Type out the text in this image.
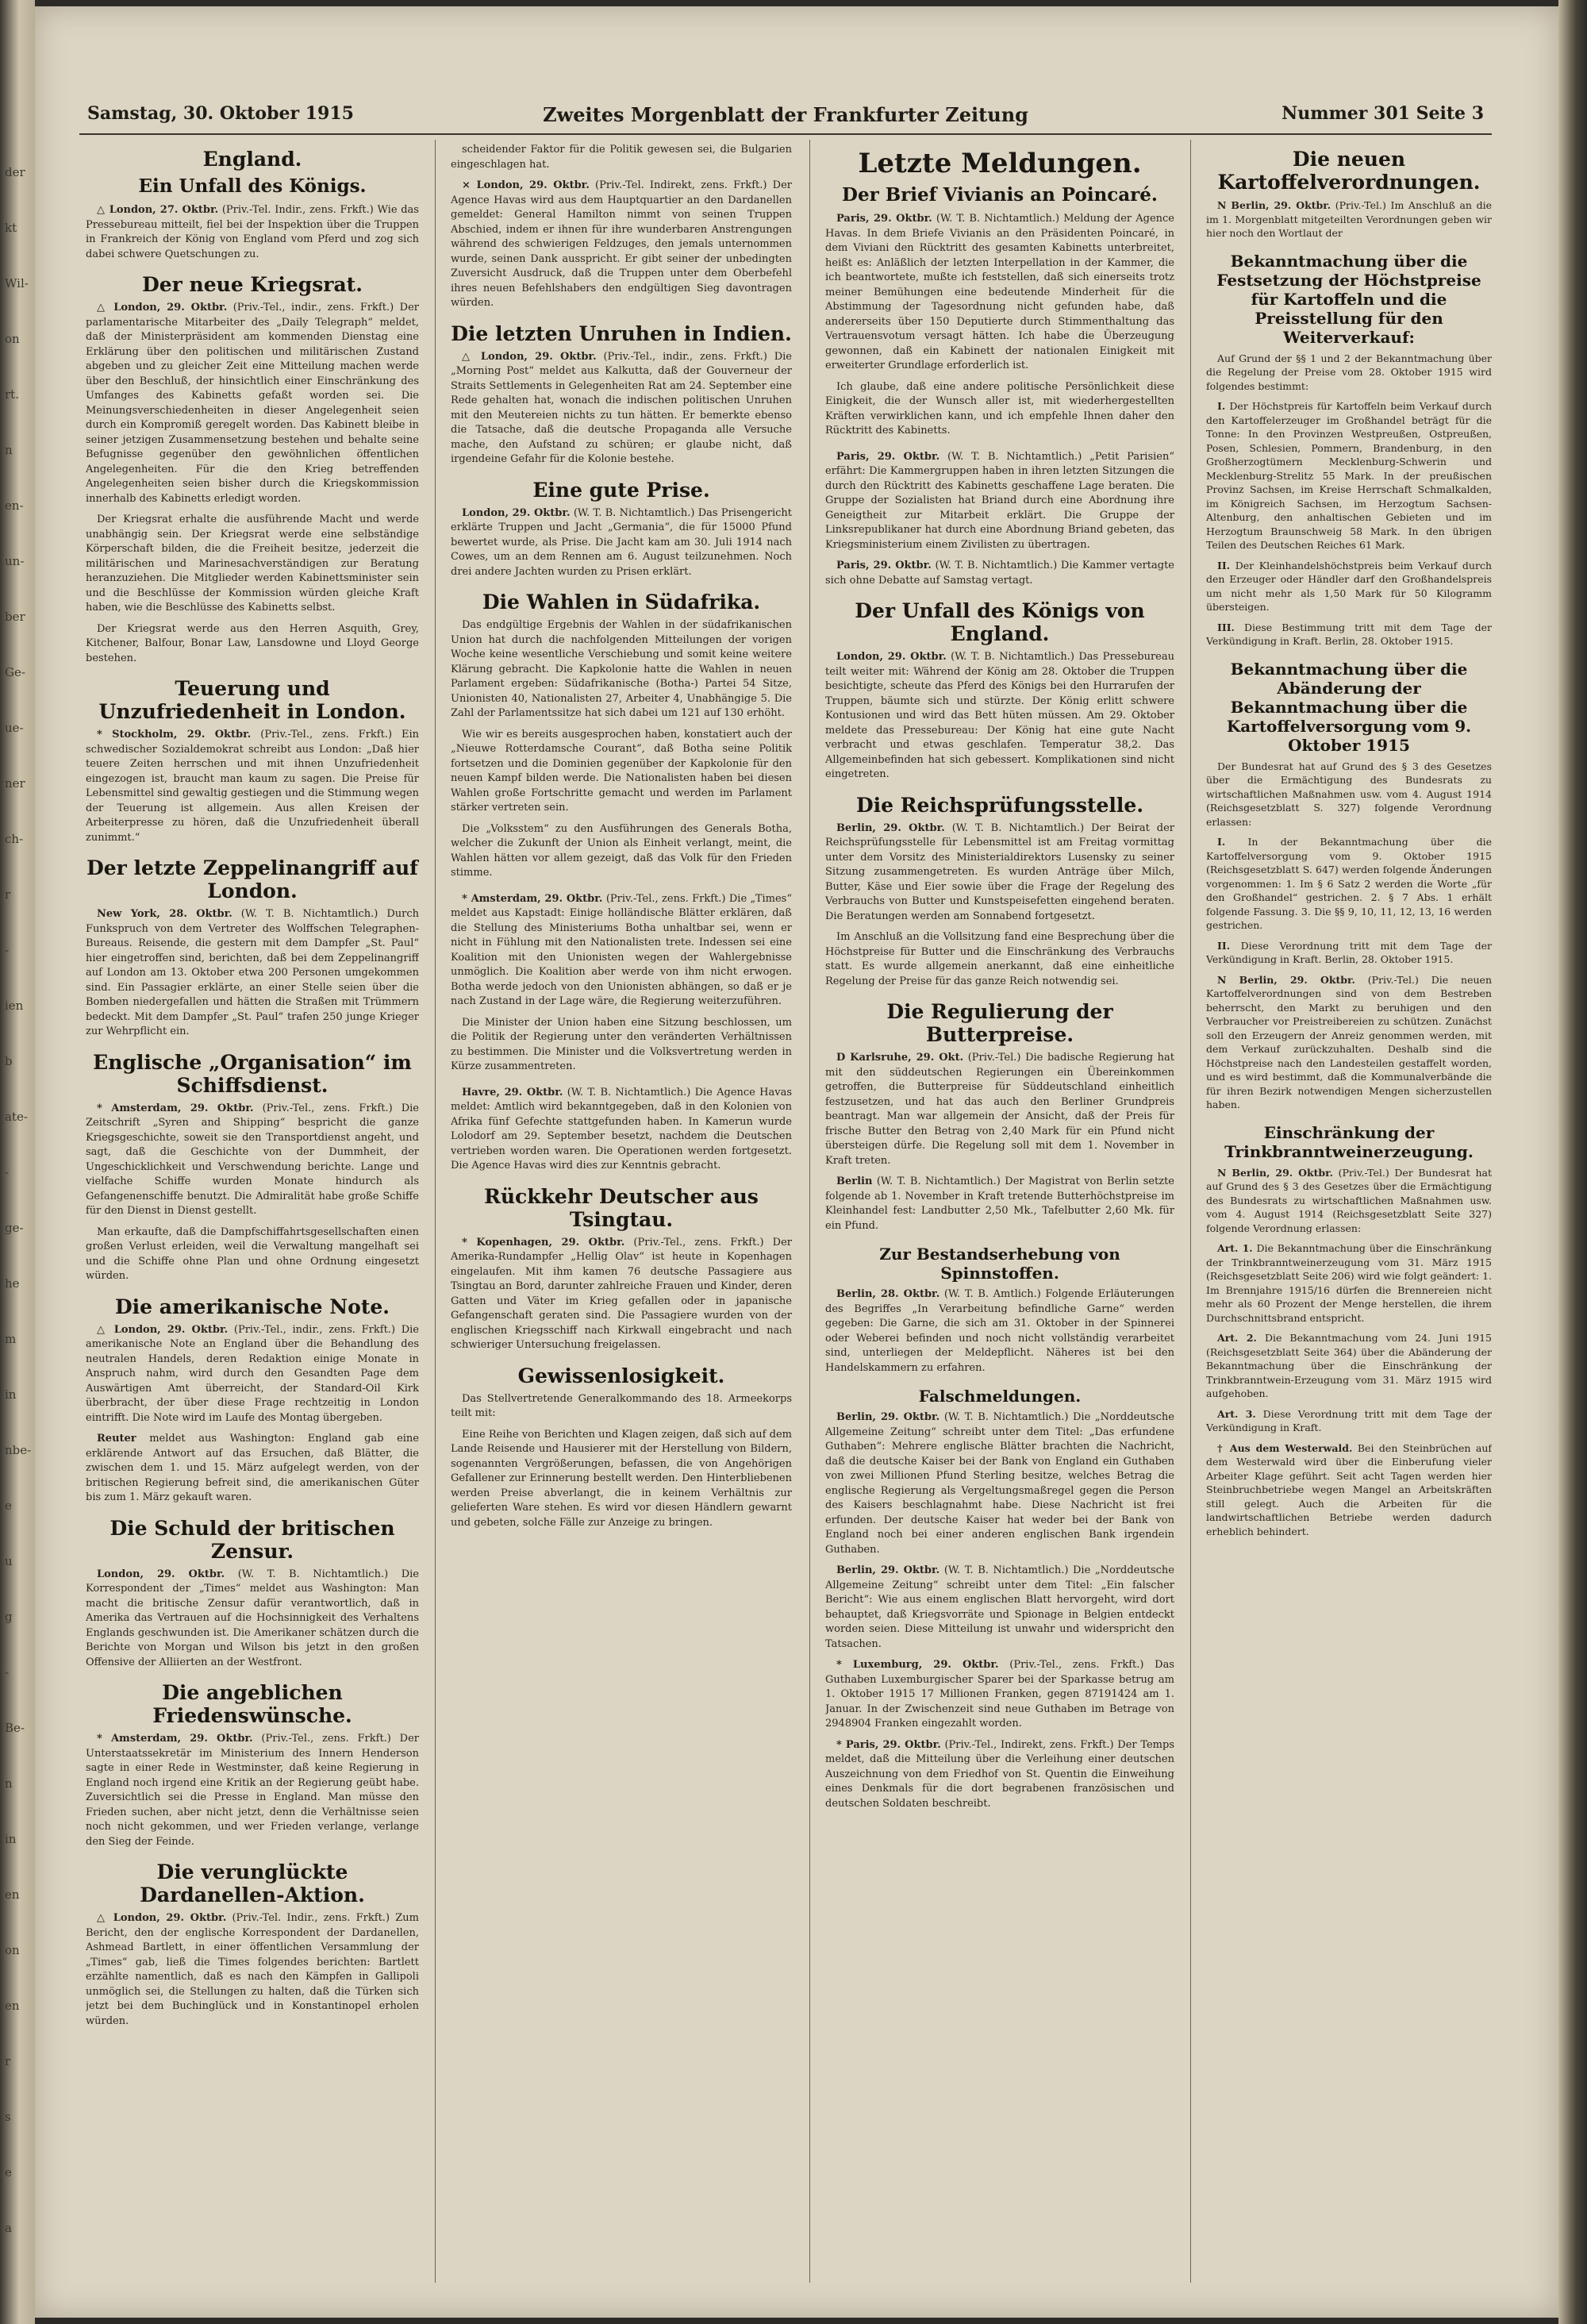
der
kt
Wil-
on
rt.
n
en-
un-
ber
Ge-
ue-
ner
ch-
r
-
ien
b
ate-
-
ge-
he
m
in
nbe-
e
u
g
-
Be-
n
in
en
on
en
r
s
e
a
Samstag, 30. Oktober 1915	Zweites Morgenblatt der Frankfurter Zeitung	Nummer 301 Seite 3
England.
Ein Unfall des Königs.

△ London, 27. Oktbr. (Priv.-Tel. Indir., zens. Frkft.) Wie das Pressebureau mitteilt, fiel bei der Inspektion über die Truppen in Frankreich der König von England vom Pferd und zog sich dabei schwere Quetschungen zu.

Der neue Kriegsrat.

△ London, 29. Oktbr. (Priv.-Tel., indir., zens. Frkft.) Der parlamentarische Mitarbeiter des „Daily Telegraph“ meldet, daß der Ministerpräsident am kommenden Dienstag eine Erklärung über den politischen und militärischen Zustand abgeben und zu gleicher Zeit eine Mitteilung machen werde über den Beschluß, der hinsichtlich einer Einschränkung des Umfanges des Kabinetts gefaßt worden sei. Die Meinungsverschiedenheiten in dieser Angelegenheit seien durch ein Kompromiß geregelt worden. Das Kabinett bleibe in seiner jetzigen Zusammensetzung bestehen und behalte seine Befugnisse gegenüber den gewöhnlichen öffentlichen Angelegenheiten. Für die den Krieg betreffenden Angelegenheiten seien bisher durch die Kriegskommission innerhalb des Kabinetts erledigt worden.

Der Kriegsrat erhalte die ausführende Macht und werde unabhängig sein. Der Kriegsrat werde eine selbständige Körperschaft bilden, die die Freiheit besitze, jederzeit die militärischen und Marinesachverständigen zur Beratung heranzuziehen. Die Mitglieder werden Kabinettsminister sein und die Beschlüsse der Kommission würden gleiche Kraft haben, wie die Beschlüsse des Kabinetts selbst.

Der Kriegsrat werde aus den Herren Asquith, Grey, Kitchener, Balfour, Bonar Law, Lansdowne und Lloyd George bestehen.

Teuerung und Unzufriedenheit in London.

* Stockholm, 29. Oktbr. (Priv.-Tel., zens. Frkft.) Ein schwedischer Sozialdemokrat schreibt aus London: „Daß hier teuere Zeiten herrschen und mit ihnen Unzufriedenheit eingezogen ist, braucht man kaum zu sagen. Die Preise für Lebensmittel sind gewaltig gestiegen und die Stimmung wegen der Teuerung ist allgemein. Aus allen Kreisen der Arbeiterpresse zu hören, daß die Unzufriedenheit überall zunimmt.“

Der letzte Zeppelinangriff auf London.

New York, 28. Oktbr. (W. T. B. Nichtamtlich.) Durch Funkspruch von dem Vertreter des Wolffschen Telegraphen-Bureaus. Reisende, die gestern mit dem Dampfer „St. Paul“ hier eingetroffen sind, berichten, daß bei dem Zeppelinangriff auf London am 13. Oktober etwa 200 Personen umgekommen sind. Ein Passagier erklärte, an einer Stelle seien über die Bomben niedergefallen und hätten die Straßen mit Trümmern bedeckt. Mit dem Dampfer „St. Paul“ trafen 250 junge Krieger zur Wehrpflicht ein.

Englische „Organisation“ im Schiffsdienst.

* Amsterdam, 29. Oktbr. (Priv.-Tel., zens. Frkft.) Die Zeitschrift „Syren and Shipping“ bespricht die ganze Kriegsgeschichte, soweit sie den Transportdienst angeht, und sagt, daß die Geschichte von der Dummheit, der Ungeschicklichkeit und Verschwendung berichte. Lange und vielfache Schiffe wurden Monate hindurch als Gefangenenschiffe benutzt. Die Admiralität habe große Schiffe für den Dienst in Dienst gestellt.

Man erkaufte, daß die Dampfschiffahrtsgesellschaften einen großen Verlust erleiden, weil die Verwaltung mangelhaft sei und die Schiffe ohne Plan und ohne Ordnung eingesetzt würden.

Die amerikanische Note.

△ London, 29. Oktbr. (Priv.-Tel., indir., zens. Frkft.) Die amerikanische Note an England über die Behandlung des neutralen Handels, deren Redaktion einige Monate in Anspruch nahm, wird durch den Gesandten Page dem Auswärtigen Amt überreicht, der Standard-Oil Kirk überbracht, der über diese Frage rechtzeitig in London eintrifft. Die Note wird im Laufe des Montag übergeben.

Reuter meldet aus Washington: England gab eine erklärende Antwort auf das Ersuchen, daß Blätter, die zwischen dem 1. und 15. März aufgelegt werden, von der britischen Regierung befreit sind, die amerikanischen Güter bis zum 1. März gekauft waren.

Die Schuld der britischen Zensur.

London, 29. Oktbr. (W. T. B. Nichtamtlich.) Die Korrespondent der „Times“ meldet aus Washington: Man macht die britische Zensur dafür verantwortlich, daß in Amerika das Vertrauen auf die Hochsinnigkeit des Verhaltens Englands geschwunden ist. Die Amerikaner schätzen durch die Berichte von Morgan und Wilson bis jetzt in den großen Offensive der Alliierten an der Westfront.

Die angeblichen Friedenswünsche.

* Amsterdam, 29. Oktbr. (Priv.-Tel., zens. Frkft.) Der Unterstaatssekretär im Ministerium des Innern Henderson sagte in einer Rede in Westminster, daß keine Regierung in England noch irgend eine Kritik an der Regierung geübt habe. Zuversichtlich sei die Presse in England. Man müsse den Frieden suchen, aber nicht jetzt, denn die Verhältnisse seien noch nicht gekommen, und wer Frieden verlange, verlange den Sieg der Feinde.

Die verunglückte Dardanellen-Aktion.

△ London, 29. Oktbr. (Priv.-Tel. Indir., zens. Frkft.) Zum Bericht, den der englische Korrespondent der Dardanellen, Ashmead Bartlett, in einer öffentlichen Versammlung der „Times“ gab, ließ die Times folgendes berichten: Bartlett erzählte namentlich, daß es nach den Kämpfen in Gallipoli unmöglich sei, die Stellungen zu halten, daß die Türken sich jetzt bei dem Buchinglück und in Konstantinopel erholen würden.

scheidender Faktor für die Politik gewesen sei, die Bulgarien eingeschlagen hat.

× London, 29. Oktbr. (Priv.-Tel. Indirekt, zens. Frkft.) Der Agence Havas wird aus dem Hauptquartier an den Dardanellen gemeldet: General Hamilton nimmt von seinen Truppen Abschied, indem er ihnen für ihre wunderbaren Anstrengungen während des schwierigen Feldzuges, den jemals unternommen wurde, seinen Dank ausspricht. Er gibt seiner der unbedingten Zuversicht Ausdruck, daß die Truppen unter dem Oberbefehl ihres neuen Befehlshabers den endgültigen Sieg davontragen würden.

Die letzten Unruhen in Indien.

△ London, 29. Oktbr. (Priv.-Tel., indir., zens. Frkft.) Die „Morning Post“ meldet aus Kalkutta, daß der Gouverneur der Straits Settlements in Gelegenheiten Rat am 24. September eine Rede gehalten hat, wonach die indischen politischen Unruhen mit den Meutereien nichts zu tun hätten. Er bemerkte ebenso die Tatsache, daß die deutsche Propaganda alle Versuche mache, den Aufstand zu schüren; er glaube nicht, daß irgendeine Gefahr für die Kolonie bestehe.

Eine gute Prise.

London, 29. Oktbr. (W. T. B. Nichtamtlich.) Das Prisengericht erklärte Truppen und Jacht „Germania“, die für 15000 Pfund bewertet wurde, als Prise. Die Jacht kam am 30. Juli 1914 nach Cowes, um an dem Rennen am 6. August teilzunehmen. Noch drei andere Jachten wurden zu Prisen erklärt.

Die Wahlen in Südafrika.

Das endgültige Ergebnis der Wahlen in der südafrikanischen Union hat durch die nachfolgenden Mitteilungen der vorigen Woche keine wesentliche Verschiebung und somit keine weitere Klärung gebracht. Die Kapkolonie hatte die Wahlen in neuen Parlament ergeben: Südafrikanische (Botha-) Partei 54 Sitze, Unionisten 40, Nationalisten 27, Arbeiter 4, Unabhängige 5. Die Zahl der Parlamentssitze hat sich dabei um 121 auf 130 erhöht.

Wie wir es bereits ausgesprochen haben, konstatiert auch der „Nieuwe Rotterdamsche Courant“, daß Botha seine Politik fortsetzen und die Dominien gegenüber der Kapkolonie für den neuen Kampf bilden werde. Die Nationalisten haben bei diesen Wahlen große Fortschritte gemacht und werden im Parlament stärker vertreten sein.

Die „Volksstem“ zu den Ausführungen des Generals Botha, welcher die Zukunft der Union als Einheit verlangt, meint, die Wahlen hätten vor allem gezeigt, daß das Volk für den Frieden stimme.

* Amsterdam, 29. Oktbr. (Priv.-Tel., zens. Frkft.) Die „Times“ meldet aus Kapstadt: Einige holländische Blätter erklären, daß die Stellung des Ministeriums Botha unhaltbar sei, wenn er nicht in Fühlung mit den Nationalisten trete. Indessen sei eine Koalition mit den Unionisten wegen der Wahlergebnisse unmöglich. Die Koalition aber werde von ihm nicht erwogen. Botha werde jedoch von den Unionisten abhängen, so daß er je nach Zustand in der Lage wäre, die Regierung weiterzuführen.

Die Minister der Union haben eine Sitzung beschlossen, um die Politik der Regierung unter den veränderten Verhältnissen zu bestimmen. Die Minister und die Volksvertretung werden in Kürze zusammentreten.

Havre, 29. Oktbr. (W. T. B. Nichtamtlich.) Die Agence Havas meldet: Amtlich wird bekanntgegeben, daß in den Kolonien von Afrika fünf Gefechte stattgefunden haben. In Kamerun wurde Lolodorf am 29. September besetzt, nachdem die Deutschen vertrieben worden waren. Die Operationen werden fortgesetzt. Die Agence Havas wird dies zur Kenntnis gebracht.

Rückkehr Deutscher aus Tsingtau.

* Kopenhagen, 29. Oktbr. (Priv.-Tel., zens. Frkft.) Der Amerika-Rundampfer „Hellig Olav“ ist heute in Kopenhagen eingelaufen. Mit ihm kamen 76 deutsche Passagiere aus Tsingtau an Bord, darunter zahlreiche Frauen und Kinder, deren Gatten und Väter im Krieg gefallen oder in japanische Gefangenschaft geraten sind. Die Passagiere wurden von der englischen Kriegsschiff nach Kirkwall eingebracht und nach schwieriger Untersuchung freigelassen.

Gewissenlosigkeit.

Das Stellvertretende Generalkommando des 18. Armeekorps teilt mit:

Eine Reihe von Berichten und Klagen zeigen, daß sich auf dem Lande Reisende und Hausierer mit der Herstellung von Bildern, sogenannten Vergrößerungen, befassen, die von Angehörigen Gefallener zur Erinnerung bestellt werden. Den Hinterbliebenen werden Preise abverlangt, die in keinem Verhältnis zur gelieferten Ware stehen. Es wird vor diesen Händlern gewarnt und gebeten, solche Fälle zur Anzeige zu bringen.

Letzte Meldungen.
Der Brief Vivianis an Poincaré.

Paris, 29. Oktbr. (W. T. B. Nichtamtlich.) Meldung der Agence Havas. In dem Briefe Vivianis an den Präsidenten Poincaré, in dem Viviani den Rücktritt des gesamten Kabinetts unterbreitet, heißt es: Anläßlich der letzten Interpellation in der Kammer, die ich beantwortete, mußte ich feststellen, daß sich einerseits trotz meiner Bemühungen eine bedeutende Minderheit für die Abstimmung der Tagesordnung nicht gefunden habe, daß andererseits über 150 Deputierte durch Stimmenthaltung das Vertrauensvotum versagt hätten. Ich habe die Überzeugung gewonnen, daß ein Kabinett der nationalen Einigkeit mit erweiterter Grundlage erforderlich ist.

Ich glaube, daß eine andere politische Persönlichkeit diese Einigkeit, die der Wunsch aller ist, mit wiederhergestellten Kräften verwirklichen kann, und ich empfehle Ihnen daher den Rücktritt des Kabinetts.

Paris, 29. Oktbr. (W. T. B. Nichtamtlich.) „Petit Parisien“ erfährt: Die Kammergruppen haben in ihren letzten Sitzungen die durch den Rücktritt des Kabinetts geschaffene Lage beraten. Die Gruppe der Sozialisten hat Briand durch eine Abordnung ihre Geneigtheit zur Mitarbeit erklärt. Die Gruppe der Linksrepublikaner hat durch eine Abordnung Briand gebeten, das Kriegsministerium einem Zivilisten zu übertragen.

Paris, 29. Oktbr. (W. T. B. Nichtamtlich.) Die Kammer vertagte sich ohne Debatte auf Samstag vertagt.

Der Unfall des Königs von England.

London, 29. Oktbr. (W. T. B. Nichtamtlich.) Das Pressebureau teilt weiter mit: Während der König am 28. Oktober die Truppen besichtigte, scheute das Pferd des Königs bei den Hurrarufen der Truppen, bäumte sich und stürzte. Der König erlitt schwere Kontusionen und wird das Bett hüten müssen. Am 29. Oktober meldete das Pressebureau: Der König hat eine gute Nacht verbracht und etwas geschlafen. Temperatur 38,2. Das Allgemeinbefinden hat sich gebessert. Komplikationen sind nicht eingetreten.

Die Reichsprüfungsstelle.

Berlin, 29. Oktbr. (W. T. B. Nichtamtlich.) Der Beirat der Reichsprüfungsstelle für Lebensmittel ist am Freitag vormittag unter dem Vorsitz des Ministerialdirektors Lusensky zu seiner Sitzung zusammengetreten. Es wurden Anträge über Milch, Butter, Käse und Eier sowie über die Frage der Regelung des Verbrauchs von Butter und Kunstspeisefetten eingehend beraten. Die Beratungen werden am Sonnabend fortgesetzt.

Im Anschluß an die Vollsitzung fand eine Besprechung über die Höchstpreise für Butter und die Einschränkung des Verbrauchs statt. Es wurde allgemein anerkannt, daß eine einheitliche Regelung der Preise für das ganze Reich notwendig sei.

Die Regulierung der Butterpreise.

D Karlsruhe, 29. Okt. (Priv.-Tel.) Die badische Regierung hat mit den süddeutschen Regierungen ein Übereinkommen getroffen, die Butterpreise für Süddeutschland einheitlich festzusetzen, und hat das auch den Berliner Grundpreis beantragt. Man war allgemein der Ansicht, daß der Preis für frische Butter den Betrag von 2,40 Mark für ein Pfund nicht übersteigen dürfe. Die Regelung soll mit dem 1. November in Kraft treten.

Berlin (W. T. B. Nichtamtlich.) Der Magistrat von Berlin setzte folgende ab 1. November in Kraft tretende Butterhöchstpreise im Kleinhandel fest: Landbutter 2,50 Mk., Tafelbutter 2,60 Mk. für ein Pfund.

Zur Bestandserhebung von Spinnstoffen.

Berlin, 28. Oktbr. (W. T. B. Amtlich.) Folgende Erläuterungen des Begriffes „In Verarbeitung befindliche Garne“ werden gegeben: Die Garne, die sich am 31. Oktober in der Spinnerei oder Weberei befinden und noch nicht vollständig verarbeitet sind, unterliegen der Meldepflicht. Näheres ist bei den Handelskammern zu erfahren.

Falschmeldungen.

Berlin, 29. Oktbr. (W. T. B. Nichtamtlich.) Die „Norddeutsche Allgemeine Zeitung“ schreibt unter dem Titel: „Das erfundene Guthaben“: Mehrere englische Blätter brachten die Nachricht, daß die deutsche Kaiser bei der Bank von England ein Guthaben von zwei Millionen Pfund Sterling besitze, welches Betrag die englische Regierung als Vergeltungsmaßregel gegen die Person des Kaisers beschlagnahmt habe. Diese Nachricht ist frei erfunden. Der deutsche Kaiser hat weder bei der Bank von England noch bei einer anderen englischen Bank irgendein Guthaben.

Berlin, 29. Oktbr. (W. T. B. Nichtamtlich.) Die „Norddeutsche Allgemeine Zeitung“ schreibt unter dem Titel: „Ein falscher Bericht“: Wie aus einem englischen Blatt hervorgeht, wird dort behauptet, daß Kriegsvorräte und Spionage in Belgien entdeckt worden seien. Diese Mitteilung ist unwahr und widerspricht den Tatsachen.

* Luxemburg, 29. Oktbr. (Priv.-Tel., zens. Frkft.) Das Guthaben Luxemburgischer Sparer bei der Sparkasse betrug am 1. Oktober 1915 17 Millionen Franken, gegen 87191424 am 1. Januar. In der Zwischenzeit sind neue Guthaben im Betrage von 2948904 Franken eingezahlt worden.

* Paris, 29. Oktbr. (Priv.-Tel., Indirekt, zens. Frkft.) Der Temps meldet, daß die Mitteilung über die Verleihung einer deutschen Auszeichnung von dem Friedhof von St. Quentin die Einweihung eines Denkmals für die dort begrabenen französischen und deutschen Soldaten beschreibt.

Die neuen Kartoffelverordnungen.

N Berlin, 29. Oktbr. (Priv.-Tel.) Im Anschluß an die im 1. Morgenblatt mitgeteilten Verordnungen geben wir hier noch den Wortlaut der

Bekanntmachung über die Festsetzung der Höchstpreise für Kartoffeln und die Preisstellung für den Weiterverkauf:

Auf Grund der §§ 1 und 2 der Bekanntmachung über die Regelung der Preise vom 28. Oktober 1915 wird folgendes bestimmt:

I. Der Höchstpreis für Kartoffeln beim Verkauf durch den Kartoffelerzeuger im Großhandel beträgt für die Tonne: In den Provinzen Westpreußen, Ostpreußen, Posen, Schlesien, Pommern, Brandenburg, in den Großherzogtümern Mecklenburg-Schwerin und Mecklenburg-Strelitz 55 Mark. In der preußischen Provinz Sachsen, im Kreise Herrschaft Schmalkalden, im Königreich Sachsen, im Herzogtum Sachsen-Altenburg, den anhaltischen Gebieten und im Herzogtum Braunschweig 58 Mark. In den übrigen Teilen des Deutschen Reiches 61 Mark.

II. Der Kleinhandelshöchstpreis beim Verkauf durch den Erzeuger oder Händler darf den Großhandelspreis um nicht mehr als 1,50 Mark für 50 Kilogramm übersteigen.

III. Diese Bestimmung tritt mit dem Tage der Verkündigung in Kraft. Berlin, 28. Oktober 1915.

Bekanntmachung über die Abänderung der Bekanntmachung über die Kartoffelversorgung vom 9. Oktober 1915

Der Bundesrat hat auf Grund des § 3 des Gesetzes über die Ermächtigung des Bundesrats zu wirtschaftlichen Maßnahmen usw. vom 4. August 1914 (Reichsgesetzblatt S. 327) folgende Verordnung erlassen:

I. In der Bekanntmachung über die Kartoffelversorgung vom 9. Oktober 1915 (Reichsgesetzblatt S. 647) werden folgende Änderungen vorgenommen: 1. Im § 6 Satz 2 werden die Worte „für den Großhandel“ gestrichen. 2. § 7 Abs. 1 erhält folgende Fassung. 3. Die §§ 9, 10, 11, 12, 13, 16 werden gestrichen.

II. Diese Verordnung tritt mit dem Tage der Verkündigung in Kraft. Berlin, 28. Oktober 1915.

N Berlin, 29. Oktbr. (Priv.-Tel.) Die neuen Kartoffelverordnungen sind von dem Bestreben beherrscht, den Markt zu beruhigen und den Verbraucher vor Preistreibereien zu schützen. Zunächst soll den Erzeugern der Anreiz genommen werden, mit dem Verkauf zurückzuhalten. Deshalb sind die Höchstpreise nach den Landesteilen gestaffelt worden, und es wird bestimmt, daß die Kommunalverbände die für ihren Bezirk notwendigen Mengen sicherzustellen haben.

Einschränkung der Trinkbranntweinerzeugung.

N Berlin, 29. Oktbr. (Priv.-Tel.) Der Bundesrat hat auf Grund des § 3 des Gesetzes über die Ermächtigung des Bundesrats zu wirtschaftlichen Maßnahmen usw. vom 4. August 1914 (Reichsgesetzblatt Seite 327) folgende Verordnung erlassen:

Art. 1. Die Bekanntmachung über die Einschränkung der Trinkbranntweinerzeugung vom 31. März 1915 (Reichsgesetzblatt Seite 206) wird wie folgt geändert: 1. Im Brennjahre 1915/16 dürfen die Brennereien nicht mehr als 60 Prozent der Menge herstellen, die ihrem Durchschnittsbrand entspricht.

Art. 2. Die Bekanntmachung vom 24. Juni 1915 (Reichsgesetzblatt Seite 364) über die Abänderung der Bekanntmachung über die Einschränkung der Trinkbranntwein-Erzeugung vom 31. März 1915 wird aufgehoben.

Art. 3. Diese Verordnung tritt mit dem Tage der Verkündigung in Kraft.

† Aus dem Westerwald. Bei den Steinbrüchen auf dem Westerwald wird über die Einberufung vieler Arbeiter Klage geführt. Seit acht Tagen werden hier Steinbruchbetriebe wegen Mangel an Arbeitskräften still gelegt. Auch die Arbeiten für die landwirtschaftlichen Betriebe werden dadurch erheblich behindert.
